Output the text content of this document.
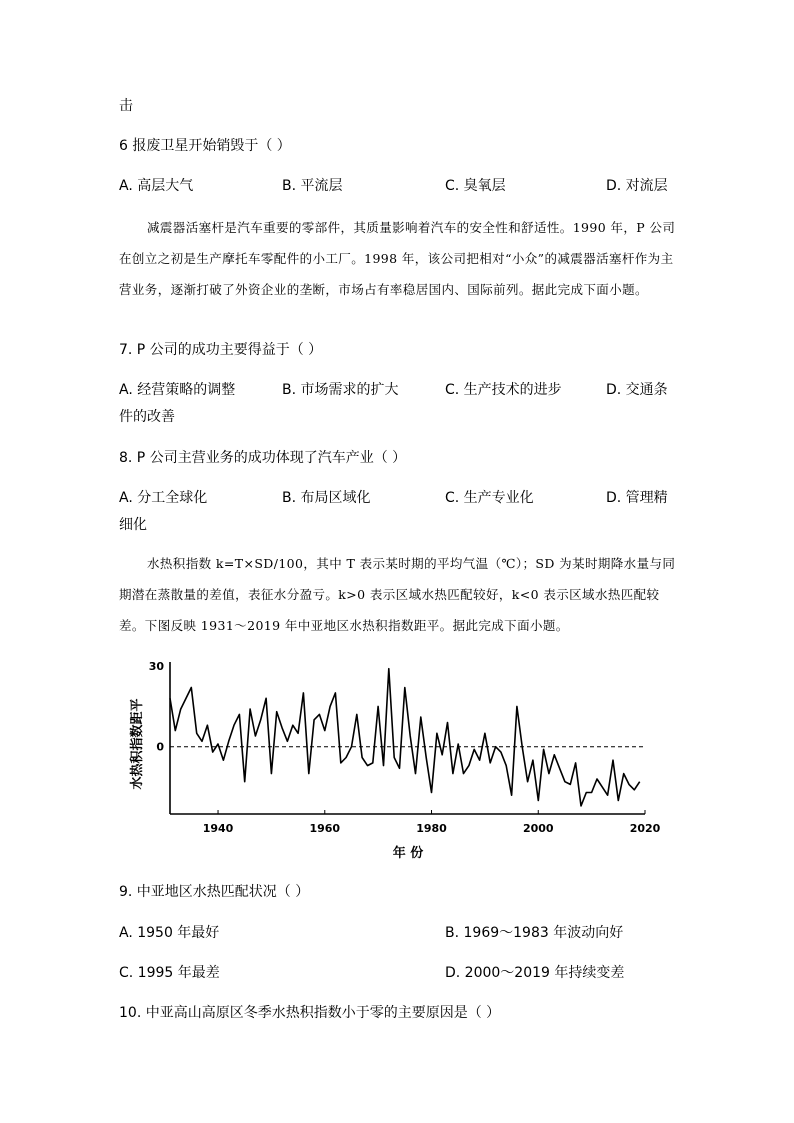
击
6 报废卫星开始销毁于（ ）
A. 高层大气	B. 平流层	C. 臭氧层	D. 对流层
减震器活塞杆是汽车重要的零部件，其质量影响着汽车的安全性和舒适性。1990 年，P 公司在创立之初是生产摩托车零配件的小工厂。1998 年，该公司把相对“小众”的减震器活塞杆作为主营业务，逐渐打破了外资企业的垄断，市场占有率稳居国内、国际前列。据此完成下面小题。
7. P 公司的成功主要得益于（ ）
A. 经营策略的调整	B. 市场需求的扩大	C. 生产技术的进步	D. 交通条
件的改善
8. P 公司主营业务的成功体现了汽车产业（ ）
A. 分工全球化	B. 布局区域化	C. 生产专业化	D. 管理精
细化
水热积指数 k=T×SD/100，其中 T 表示某时期的平均气温（℃）；SD 为某时期降水量与同期潜在蒸散量的差值，表征水分盈亏。k>0 表示区域水热匹配较好，k<0 表示区域水热匹配较差。下图反映 1931～2019 年中亚地区水热积指数距平。据此完成下面小题。
30
0
1940	1960	1980	2000	2020
水热积指数距平
年 份
9. 中亚地区水热匹配状况（ ）
A. 1950 年最好	B. 1969～1983 年波动向好
C. 1995 年最差	D. 2000～2019 年持续变差
10. 中亚高山高原区冬季水热积指数小于零的主要原因是（ ）
